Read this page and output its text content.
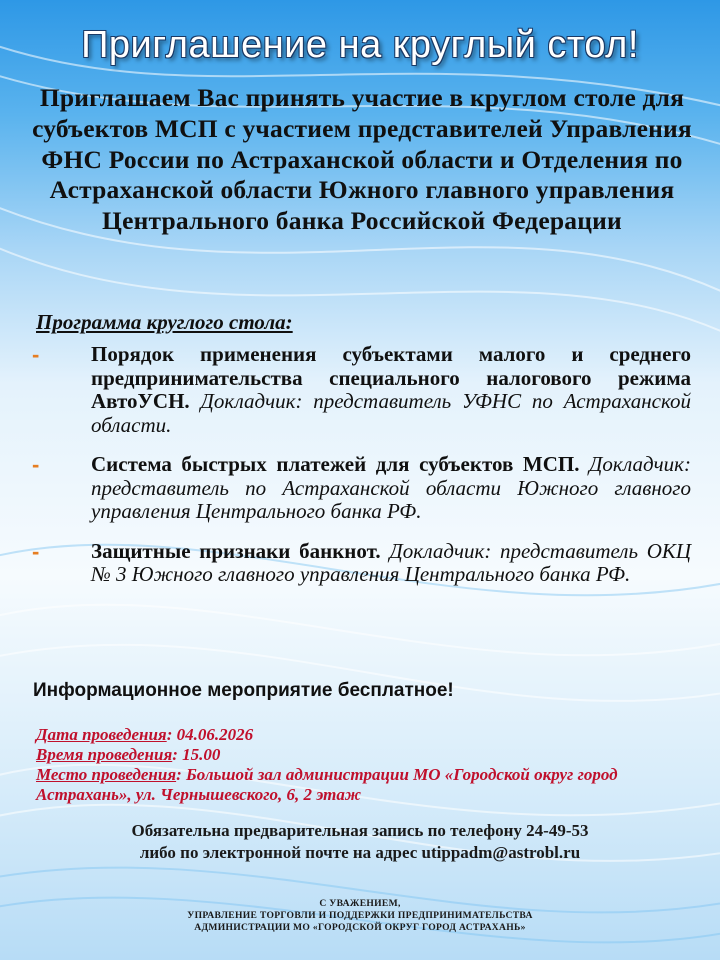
Приглашение на круглый стол!
Приглашаем Вас принять участие в круглом столе для субъектов МСП с участием представителей Управления ФНС России по Астраханской области и Отделения по Астраханской области Южного главного управления Центрального банка Российской Федерации
Программа круглого стола:
- Порядок применения субъектами малого и среднего предпринимательства специального налогового режима АвтоУСН. Докладчик: представитель УФНС по Астраханской области.
- Система быстрых платежей для субъектов МСП. Докладчик: представитель по Астраханской области Южного главного управления Центрального банка РФ.
- Защитные признаки банкнот. Докладчик: представитель ОКЦ № 3 Южного главного управления Центрального банка РФ.
Информационное мероприятие бесплатное!
Дата проведения: 04.06.2026
Время проведения: 15.00
Место проведения: Большой зал администрации МО «Городской округ город Астрахань», ул. Чернышевского, 6, 2 этаж
Обязательна предварительная запись по телефону 24-49-53
либо по электронной почте на адрес utippadm@astrobl.ru
С УВАЖЕНИЕМ,
УПРАВЛЕНИЕ ТОРГОВЛИ И ПОДДЕРЖКИ ПРЕДПРИНИМАТЕЛЬСТВА
АДМИНИСТРАЦИИ МО «ГОРОДСКОЙ ОКРУГ ГОРОД АСТРАХАНЬ»
